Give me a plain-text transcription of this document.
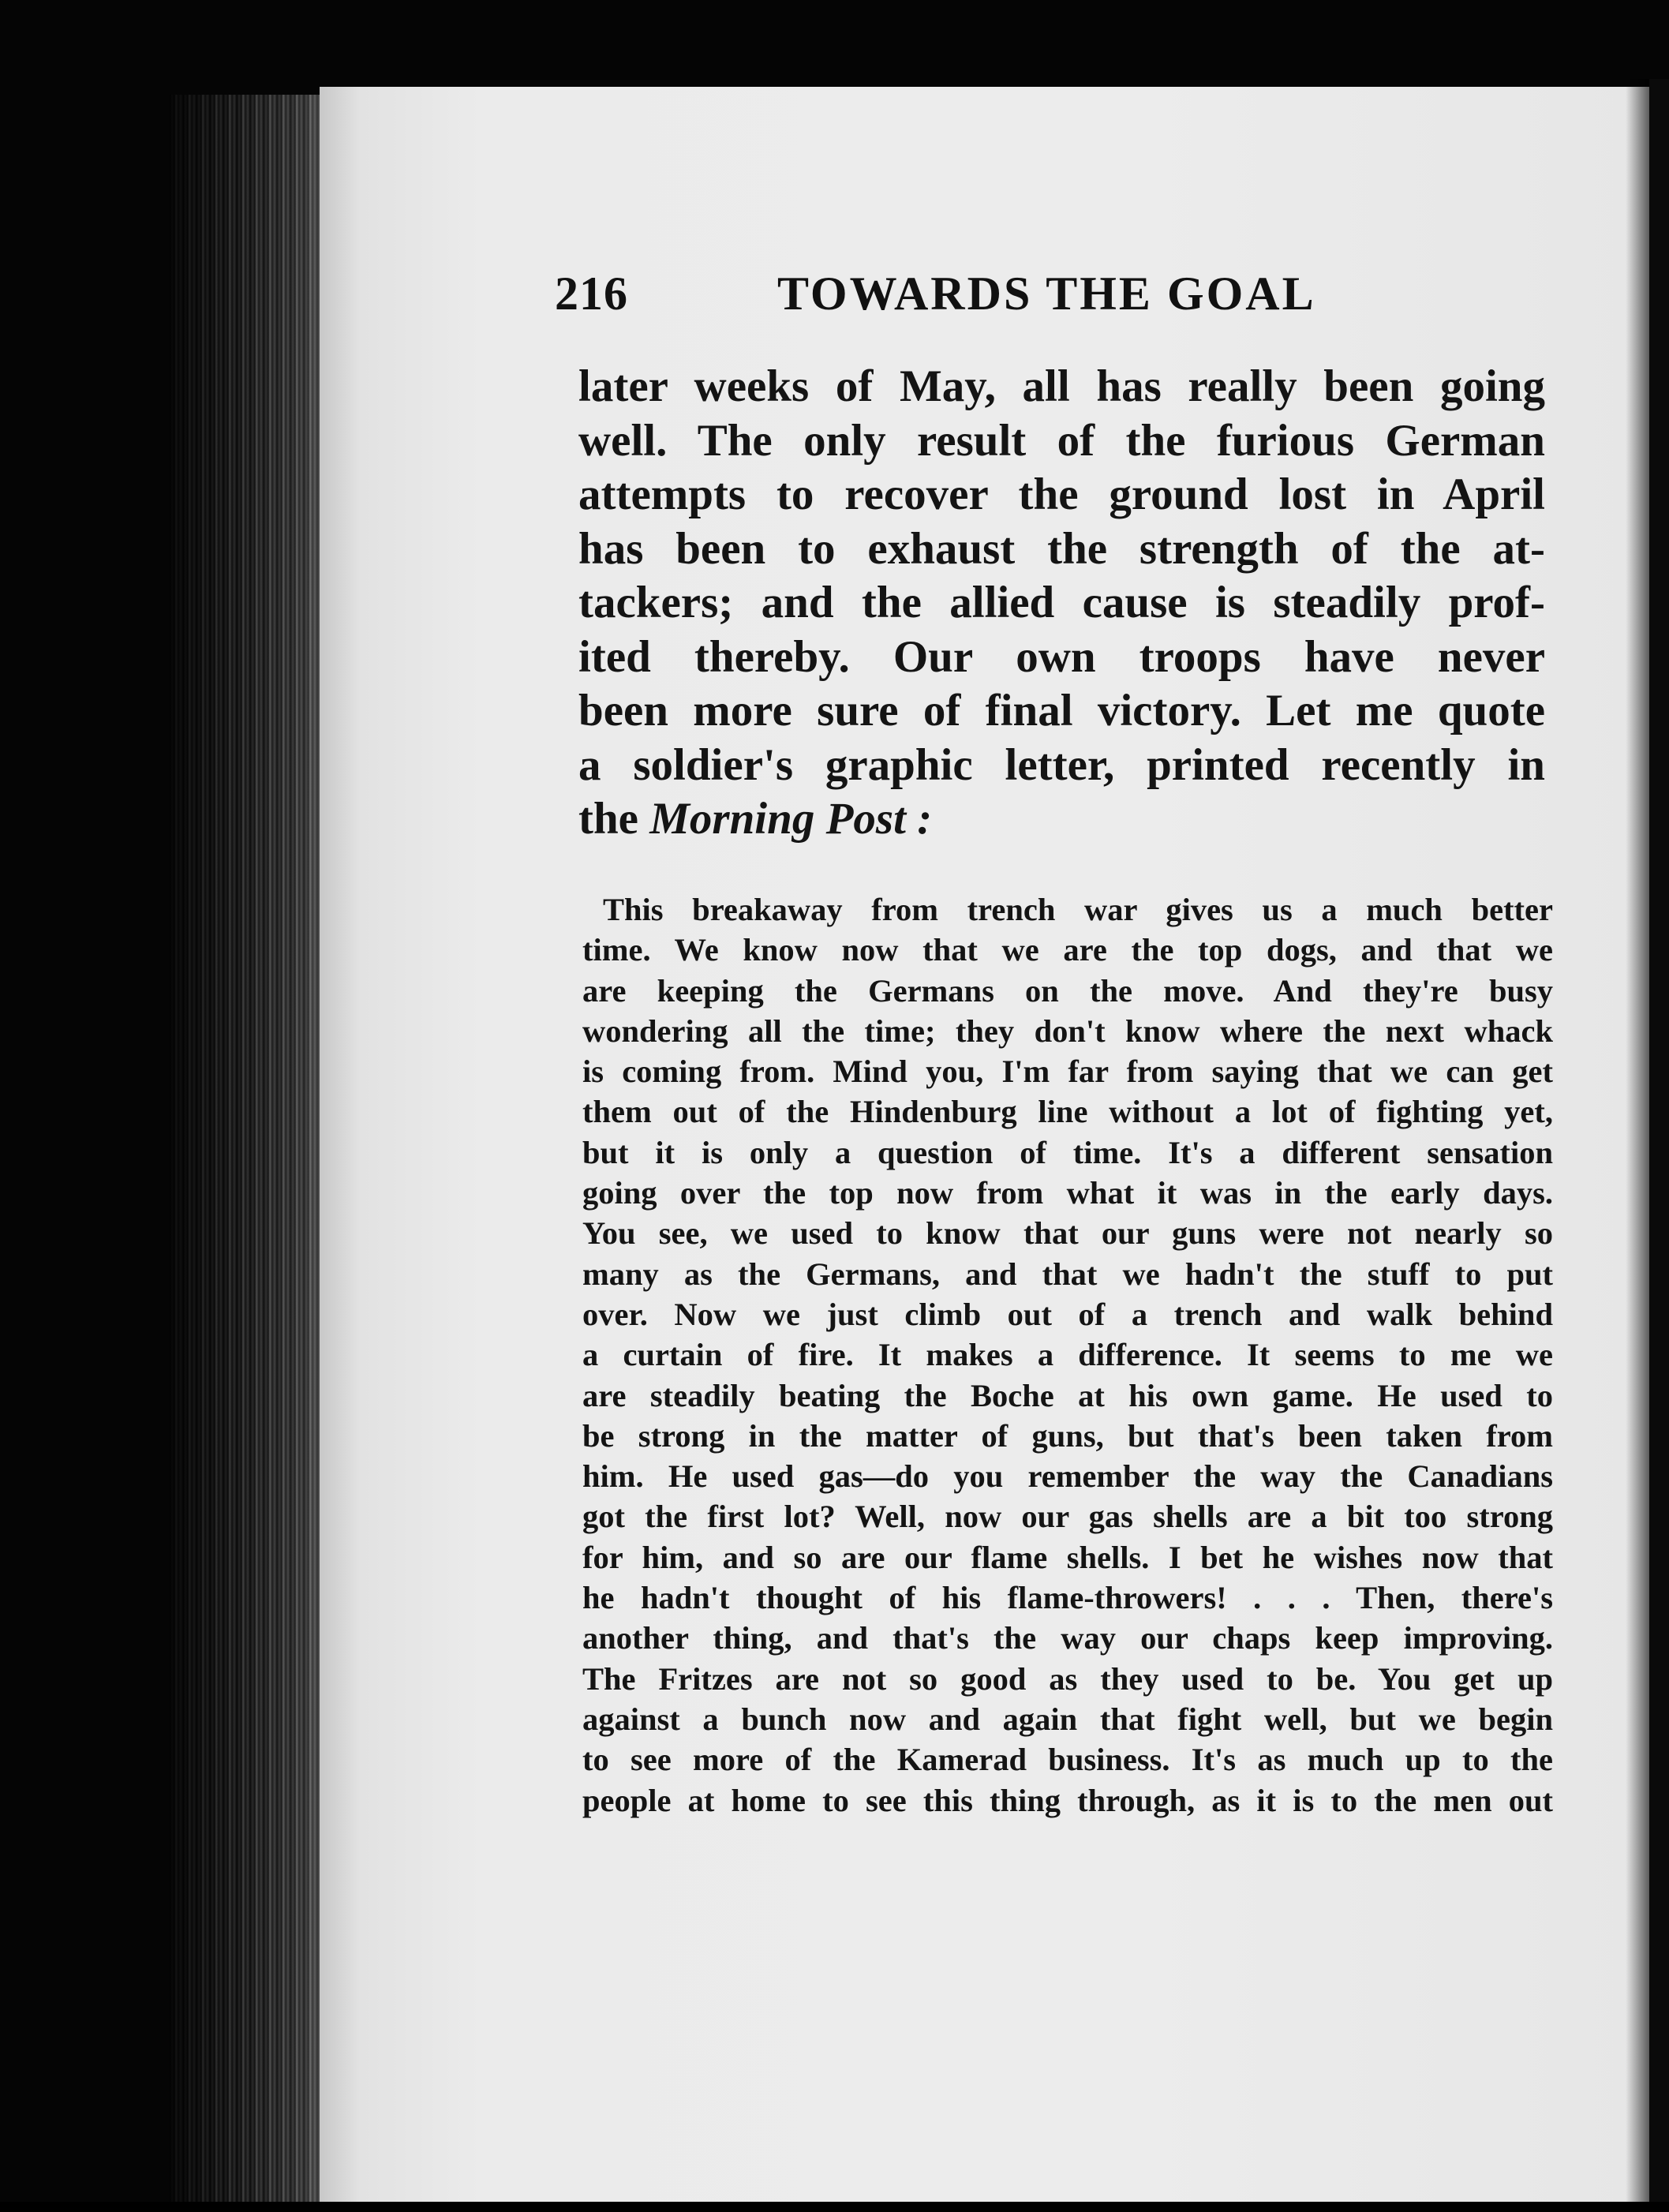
216	TOWARDS THE GOAL
later weeks of May, all has really been going
well. The only result of the furious German
attempts to recover the ground lost in April
has been to exhaust the strength of the at-
tackers; and the allied cause is steadily prof-
ited thereby. Our own troops have never
been more sure of final victory. Let me quote
a soldier's graphic letter, printed recently in
the Morning Post :
This breakaway from trench war gives us a much better
time. We know now that we are the top dogs, and that we
are keeping the Germans on the move. And they're busy
wondering all the time; they don't know where the next whack
is coming from. Mind you, I'm far from saying that we can get
them out of the Hindenburg line without a lot of fighting yet,
but it is only a question of time. It's a different sensation
going over the top now from what it was in the early days.
You see, we used to know that our guns were not nearly so
many as the Germans, and that we hadn't the stuff to put
over. Now we just climb out of a trench and walk behind
a curtain of fire. It makes a difference. It seems to me we
are steadily beating the Boche at his own game. He used to
be strong in the matter of guns, but that's been taken from
him. He used gas—do you remember the way the Canadians
got the first lot? Well, now our gas shells are a bit too strong
for him, and so are our flame shells. I bet he wishes now that
he hadn't thought of his flame-throwers! . . . Then, there's
another thing, and that's the way our chaps keep improving.
The Fritzes are not so good as they used to be. You get up
against a bunch now and again that fight well, but we begin
to see more of the Kamerad business. It's as much up to the
people at home to see this thing through, as it is to the men out
